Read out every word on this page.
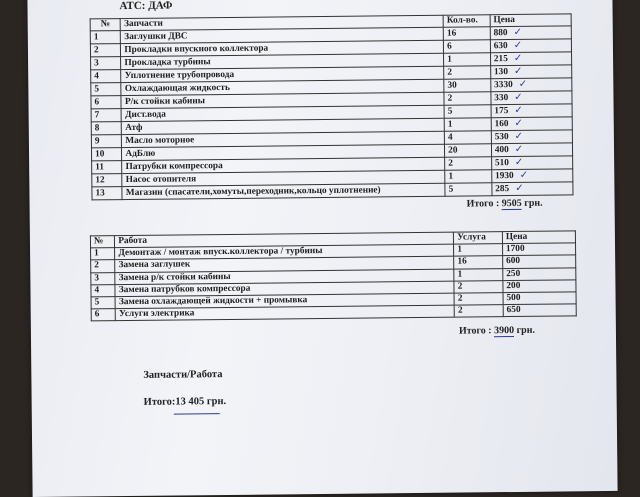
АТС: ДАФ
№	Запчасти	Кол-во.	Цена
1	Заглушки ДВС	16	880 ✓
2	Прокладки впускного коллектора	6	630 ✓
3	Прокладка турбины	1	215 ✓
4	Уплотнение трубопровода	2	130 ✓
5	Охлаждающая жидкость	30	3330 ✓
6	Р/к стойки кабины	2	330 ✓
7	Дист.вода	5	175 ✓
8	Атф	1	160 ✓
9	Масло моторное	4	530 ✓
10	АдБлю	20	400 ✓
11	Патрубки компрессора	2	510 ✓
12	Насос отопителя	1	1930 ✓
13	Магазин (спасатели,хомуты,переходник,кольцо уплотнение)	5	285 ✓
Итого : 9505 грн.
№	Работа	Услуга	Цена
1	Демонтаж / монтаж впуск.коллектора / турбины	1	1700
2	Замена заглушек	16	600
3	Замена р/к стойки кабины	1	250
4	Замена патрубков компрессора	2	200
5	Замена охлаждающей жидкости + промывка	2	500
6	Услуги электрика	2	650
Итого : 3900 грн.
Запчасти/Работа
Итого:13 405 грн.
